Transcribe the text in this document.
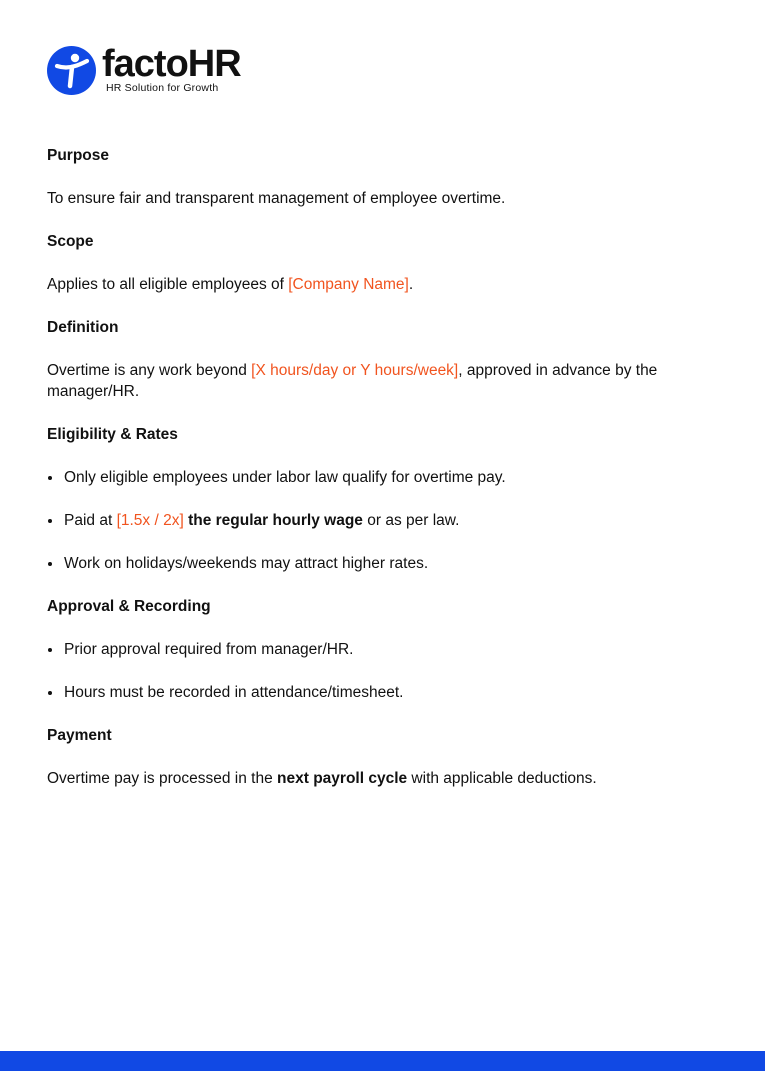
factoHR
HR Solution for Growth

Purpose

To ensure fair and transparent management of employee overtime.

Scope

Applies to all eligible employees of [Company Name].

Definition

Overtime is any work beyond [X hours/day or Y hours/week], approved in advance by the manager/HR.

Eligibility & Rates

Only eligible employees under labor law qualify for overtime pay.
Paid at [1.5x / 2x] the regular hourly wage or as per law.
Work on holidays/weekends may attract higher rates.

Approval & Recording

Prior approval required from manager/HR.
Hours must be recorded in attendance/timesheet.

Payment

Overtime pay is processed in the next payroll cycle with applicable deductions.
